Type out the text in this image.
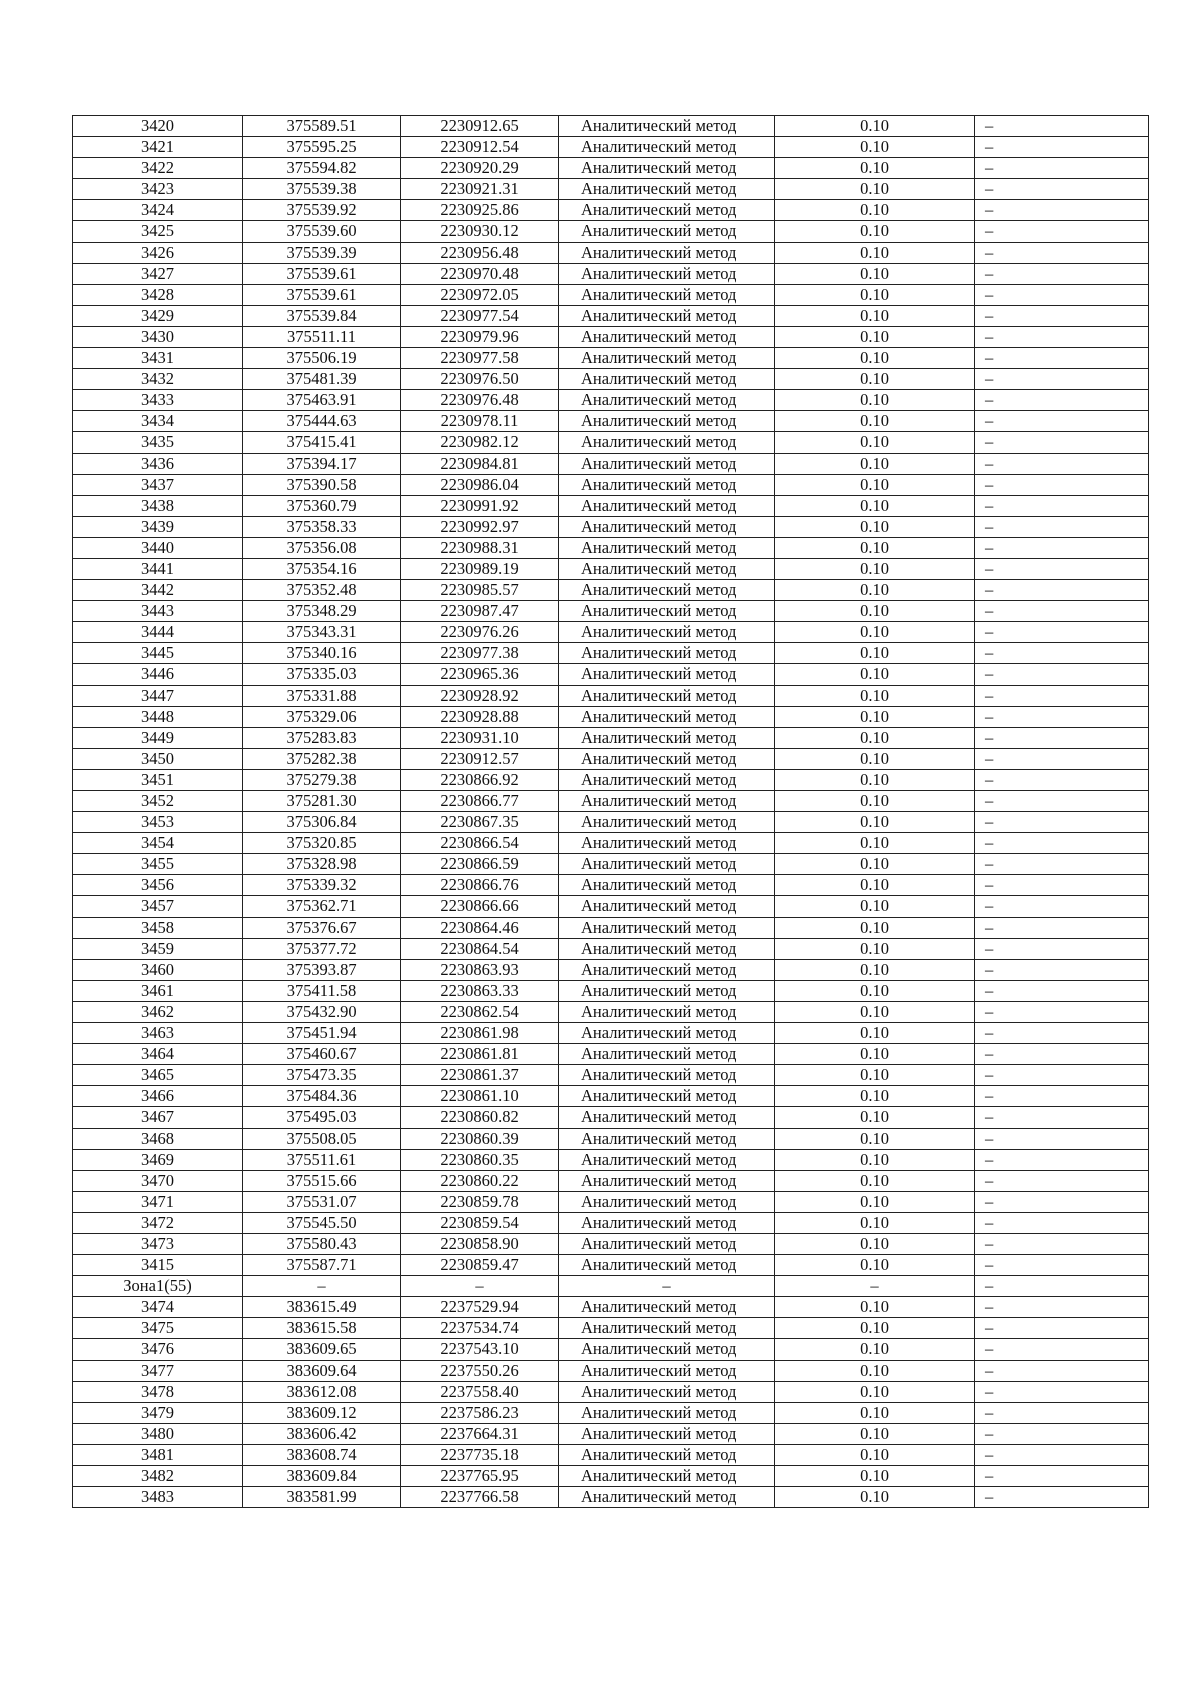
3420	375589.51	2230912.65	Аналитический метод	0.10	–
3421	375595.25	2230912.54	Аналитический метод	0.10	–
3422	375594.82	2230920.29	Аналитический метод	0.10	–
3423	375539.38	2230921.31	Аналитический метод	0.10	–
3424	375539.92	2230925.86	Аналитический метод	0.10	–
3425	375539.60	2230930.12	Аналитический метод	0.10	–
3426	375539.39	2230956.48	Аналитический метод	0.10	–
3427	375539.61	2230970.48	Аналитический метод	0.10	–
3428	375539.61	2230972.05	Аналитический метод	0.10	–
3429	375539.84	2230977.54	Аналитический метод	0.10	–
3430	375511.11	2230979.96	Аналитический метод	0.10	–
3431	375506.19	2230977.58	Аналитический метод	0.10	–
3432	375481.39	2230976.50	Аналитический метод	0.10	–
3433	375463.91	2230976.48	Аналитический метод	0.10	–
3434	375444.63	2230978.11	Аналитический метод	0.10	–
3435	375415.41	2230982.12	Аналитический метод	0.10	–
3436	375394.17	2230984.81	Аналитический метод	0.10	–
3437	375390.58	2230986.04	Аналитический метод	0.10	–
3438	375360.79	2230991.92	Аналитический метод	0.10	–
3439	375358.33	2230992.97	Аналитический метод	0.10	–
3440	375356.08	2230988.31	Аналитический метод	0.10	–
3441	375354.16	2230989.19	Аналитический метод	0.10	–
3442	375352.48	2230985.57	Аналитический метод	0.10	–
3443	375348.29	2230987.47	Аналитический метод	0.10	–
3444	375343.31	2230976.26	Аналитический метод	0.10	–
3445	375340.16	2230977.38	Аналитический метод	0.10	–
3446	375335.03	2230965.36	Аналитический метод	0.10	–
3447	375331.88	2230928.92	Аналитический метод	0.10	–
3448	375329.06	2230928.88	Аналитический метод	0.10	–
3449	375283.83	2230931.10	Аналитический метод	0.10	–
3450	375282.38	2230912.57	Аналитический метод	0.10	–
3451	375279.38	2230866.92	Аналитический метод	0.10	–
3452	375281.30	2230866.77	Аналитический метод	0.10	–
3453	375306.84	2230867.35	Аналитический метод	0.10	–
3454	375320.85	2230866.54	Аналитический метод	0.10	–
3455	375328.98	2230866.59	Аналитический метод	0.10	–
3456	375339.32	2230866.76	Аналитический метод	0.10	–
3457	375362.71	2230866.66	Аналитический метод	0.10	–
3458	375376.67	2230864.46	Аналитический метод	0.10	–
3459	375377.72	2230864.54	Аналитический метод	0.10	–
3460	375393.87	2230863.93	Аналитический метод	0.10	–
3461	375411.58	2230863.33	Аналитический метод	0.10	–
3462	375432.90	2230862.54	Аналитический метод	0.10	–
3463	375451.94	2230861.98	Аналитический метод	0.10	–
3464	375460.67	2230861.81	Аналитический метод	0.10	–
3465	375473.35	2230861.37	Аналитический метод	0.10	–
3466	375484.36	2230861.10	Аналитический метод	0.10	–
3467	375495.03	2230860.82	Аналитический метод	0.10	–
3468	375508.05	2230860.39	Аналитический метод	0.10	–
3469	375511.61	2230860.35	Аналитический метод	0.10	–
3470	375515.66	2230860.22	Аналитический метод	0.10	–
3471	375531.07	2230859.78	Аналитический метод	0.10	–
3472	375545.50	2230859.54	Аналитический метод	0.10	–
3473	375580.43	2230858.90	Аналитический метод	0.10	–
3415	375587.71	2230859.47	Аналитический метод	0.10	–
Зона1(55)	–	–	–	–	–
3474	383615.49	2237529.94	Аналитический метод	0.10	–
3475	383615.58	2237534.74	Аналитический метод	0.10	–
3476	383609.65	2237543.10	Аналитический метод	0.10	–
3477	383609.64	2237550.26	Аналитический метод	0.10	–
3478	383612.08	2237558.40	Аналитический метод	0.10	–
3479	383609.12	2237586.23	Аналитический метод	0.10	–
3480	383606.42	2237664.31	Аналитический метод	0.10	–
3481	383608.74	2237735.18	Аналитический метод	0.10	–
3482	383609.84	2237765.95	Аналитический метод	0.10	–
3483	383581.99	2237766.58	Аналитический метод	0.10	–
